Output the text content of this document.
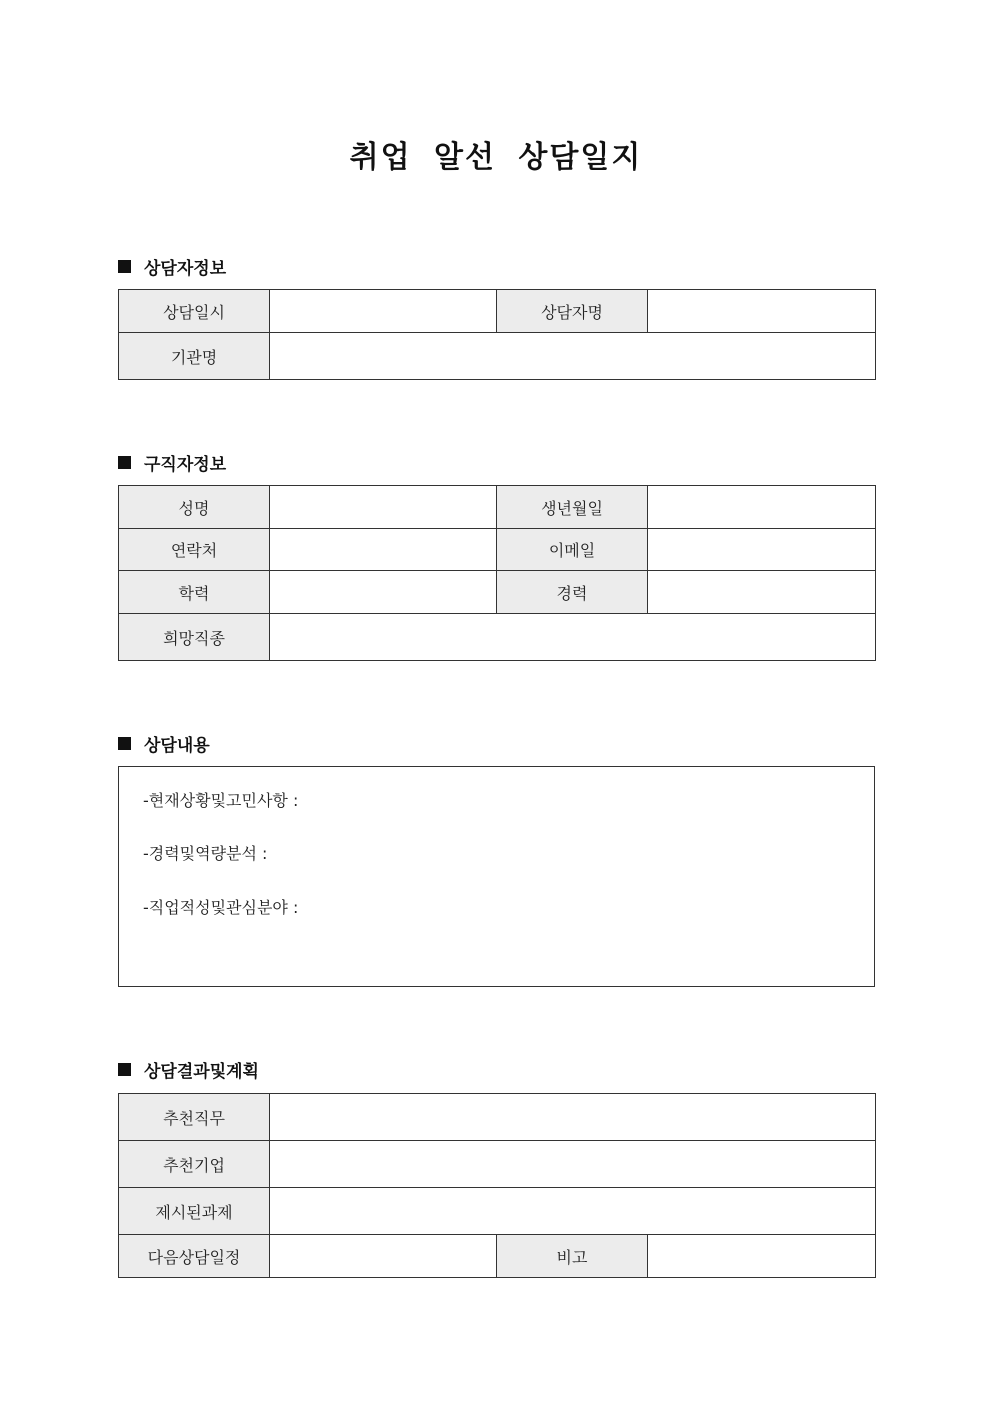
취업 알선 상담일지
상담자정보
상담일시		상담자명	
기관명			
구직자정보
성명		생년월일	
연락처		이메일	
학력		경력	
희망직종			
상담내용
-현재상황및고민사항 :
-경력및역량분석 :
-직업적성및관심분야 :
상담결과및계획
추천직무			
추천기업			
제시된과제			
다음상담일정		비고	
